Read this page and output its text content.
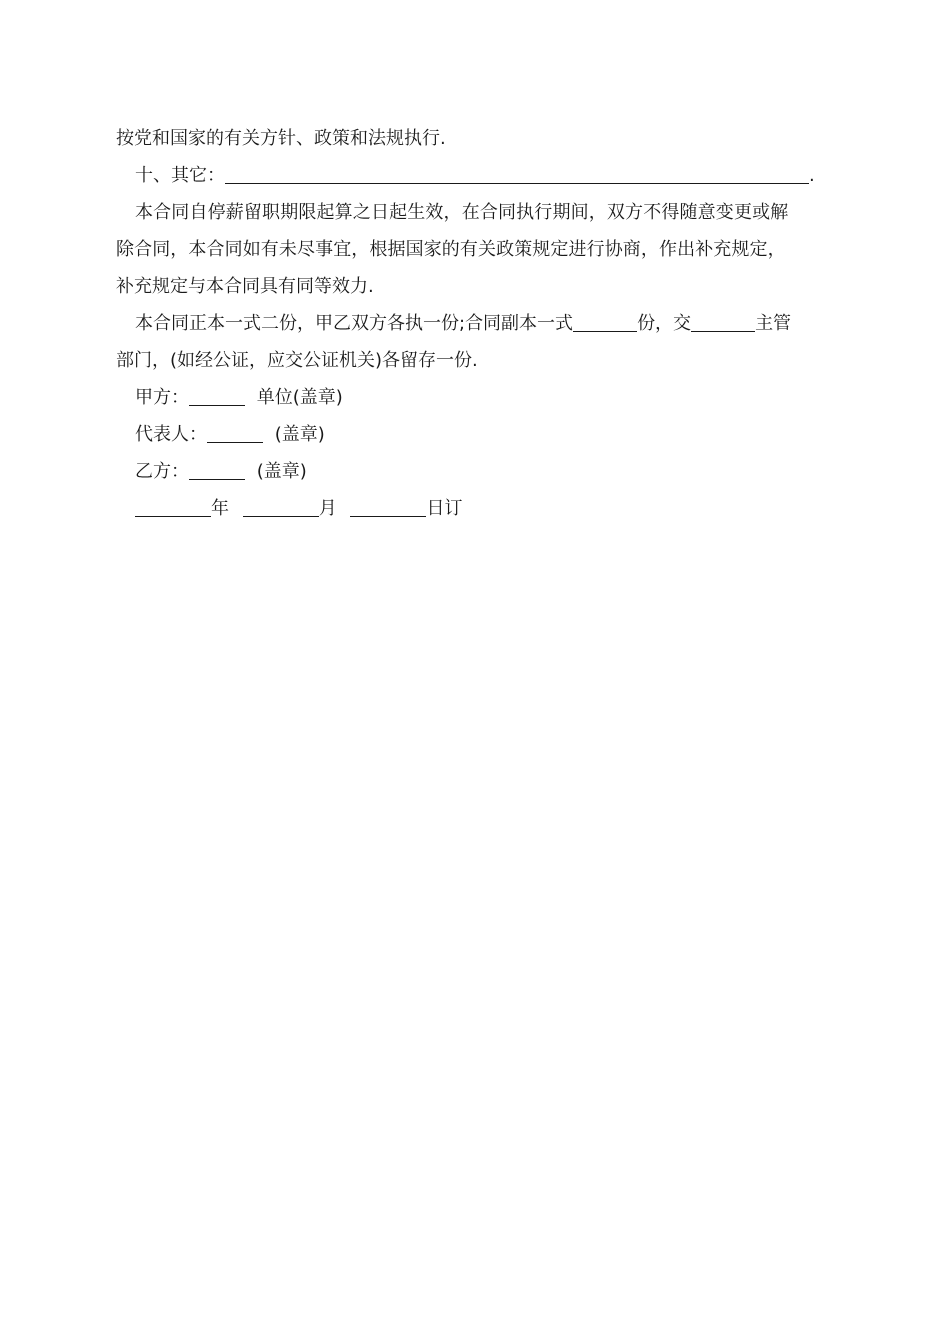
按党和国家的有关方针、政策和法规执行.
十、其它：	.
本合同自停薪留职期限起算之日起生效，在合同执行期间，双方不得随意变更或解
除合同，本合同如有未尽事宜，根据国家的有关政策规定进行协商，作出补充规定，
补充规定与本合同具有同等效力.
本合同正本一式二份，甲乙双方各执一份;合同副本一式	份，交	主管
部门，(如经公证，应交公证机关)各留存一份.
甲方：	单位(盖章)
代表人：	(盖章)
乙方：	(盖章)
年	月	日订
